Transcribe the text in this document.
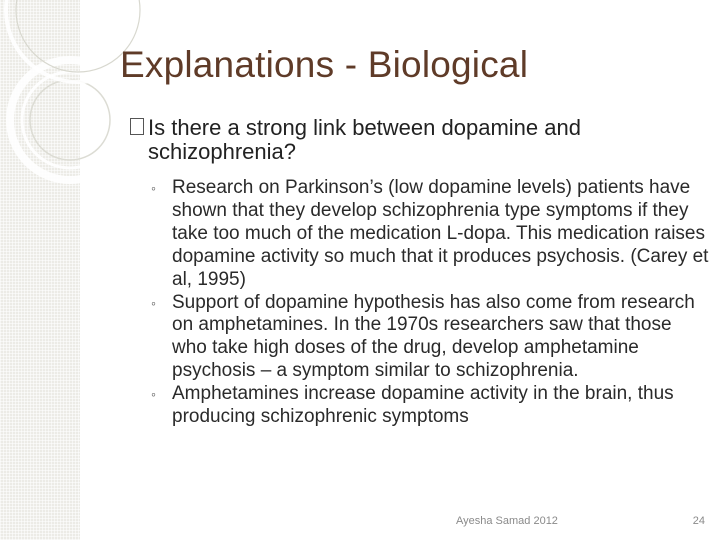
Explanations - Biological
Is there a strong link between dopamine and schizophrenia?
◦ Research on Parkinson’s (low dopamine levels) patients have shown that they develop schizophrenia type symptoms if they take too much of the medication L-dopa. This medication raises dopamine activity so much that it produces psychosis. (Carey et al, 1995)
◦ Support of dopamine hypothesis has also come from research on amphetamines. In the 1970s researchers saw that those who take high doses of the drug, develop amphetamine psychosis – a symptom similar to schizophrenia.
◦ Amphetamines increase dopamine activity in the brain, thus producing schizophrenic symptoms
Ayesha Samad 2012	24
